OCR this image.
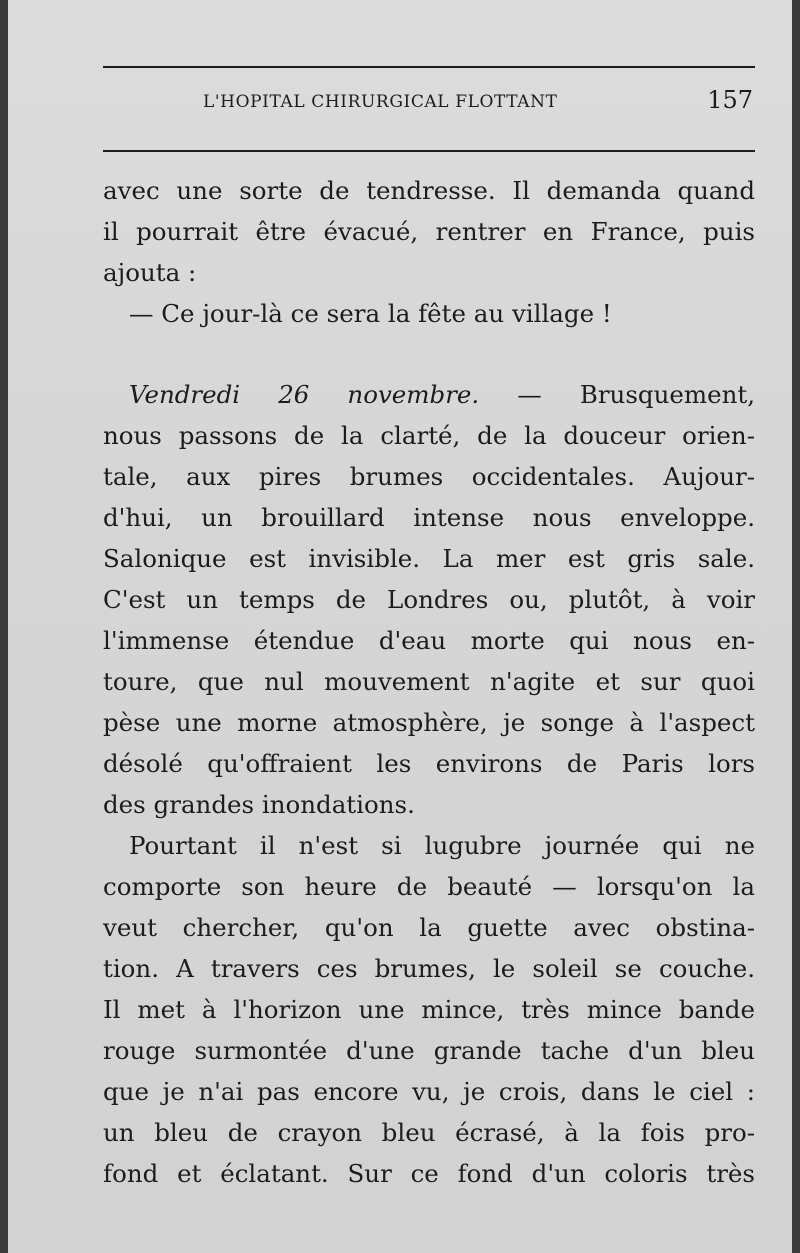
L'HOPITAL CHIRURGICAL FLOTTANT	157
avec une sorte de tendresse. Il demanda quand
il pourrait être évacué, rentrer en France, puis
ajouta :
— Ce jour-là ce sera la fête au village !
Vendredi 26 novembre. — Brusquement,
nous passons de la clarté, de la douceur orien-
tale, aux pires brumes occidentales. Aujour-
d'hui, un brouillard intense nous enveloppe.
Salonique est invisible. La mer est gris sale.
C'est un temps de Londres ou, plutôt, à voir
l'immense étendue d'eau morte qui nous en-
toure, que nul mouvement n'agite et sur quoi
pèse une morne atmosphère, je songe à l'aspect
désolé qu'offraient les environs de Paris lors
des grandes inondations.
Pourtant il n'est si lugubre journée qui ne
comporte son heure de beauté — lorsqu'on la
veut chercher, qu'on la guette avec obstina-
tion. A travers ces brumes, le soleil se couche.
Il met à l'horizon une mince, très mince bande
rouge surmontée d'une grande tache d'un bleu
que je n'ai pas encore vu, je crois, dans le ciel :
un bleu de crayon bleu écrasé, à la fois pro-
fond et éclatant. Sur ce fond d'un coloris très
